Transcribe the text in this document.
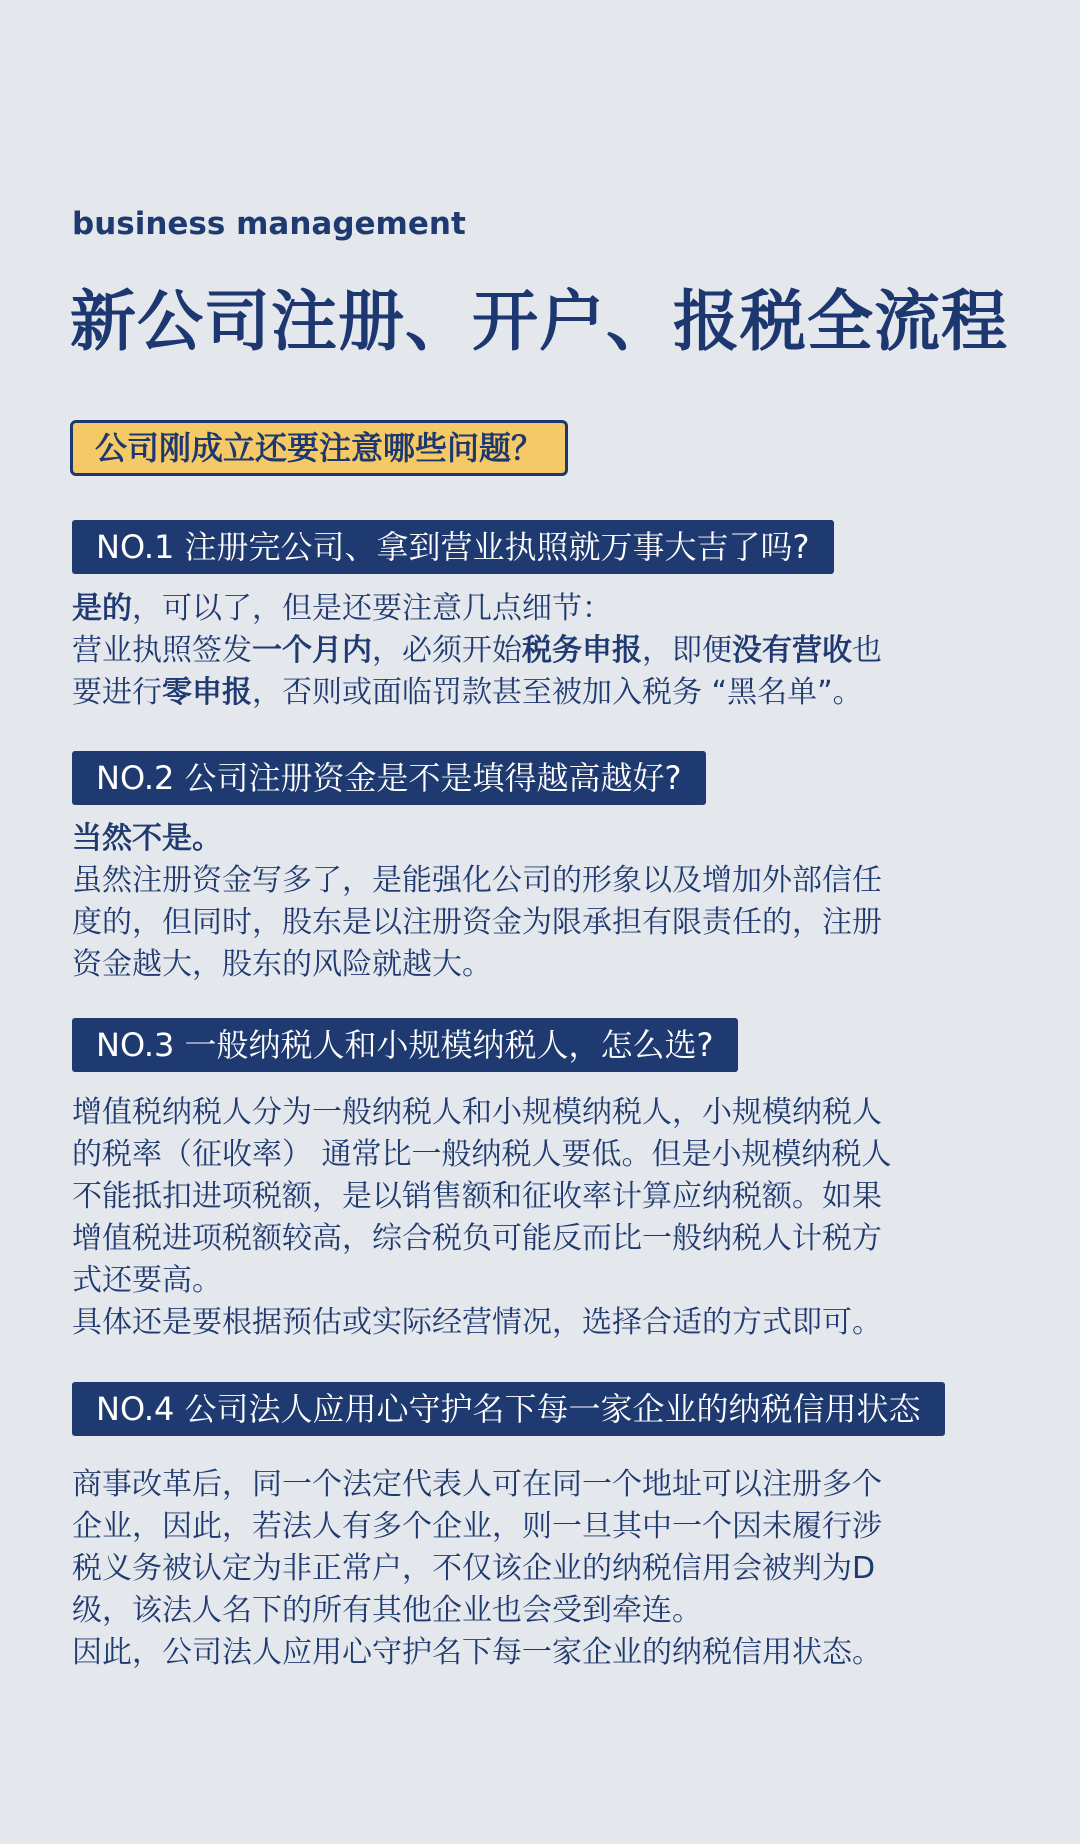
business management
新公司注册、开户、报税全流程
公司刚成立还要注意哪些问题？
NO.1 注册完公司、拿到营业执照就万事大吉了吗?

是的，可以了，但是还要注意几点细节：

营业执照签发一个月内，必须开始税务申报，即便没有营收也

要进行零申报，否则或面临罚款甚至被加入税务 “黑名单”。

NO.2 公司注册资金是不是填得越高越好?

当然不是。

虽然注册资金写多了，是能强化公司的形象以及增加外部信任

度的，但同时，股东是以注册资金为限承担有限责任的，注册

资金越大，股东的风险就越大。

NO.3 一般纳税人和小规模纳税人，怎么选?

增值税纳税人分为一般纳税人和小规模纳税人，小规模纳税人

的税率（征收率） 通常比一般纳税人要低。但是小规模纳税人

不能抵扣进项税额，是以销售额和征收率计算应纳税额。如果

增值税进项税额较高，综合税负可能反而比一般纳税人计税方

式还要高。

具体还是要根据预估或实际经营情况，选择合适的方式即可。

NO.4 公司法人应用心守护名下每一家企业的纳税信用状态

商事改革后，同一个法定代表人可在同一个地址可以注册多个

企业，因此，若法人有多个企业，则一旦其中一个因未履行涉

税义务被认定为非正常户，不仅该企业的纳税信用会被判为D

级，该法人名下的所有其他企业也会受到牵连。

因此，公司法人应用心守护名下每一家企业的纳税信用状态。
